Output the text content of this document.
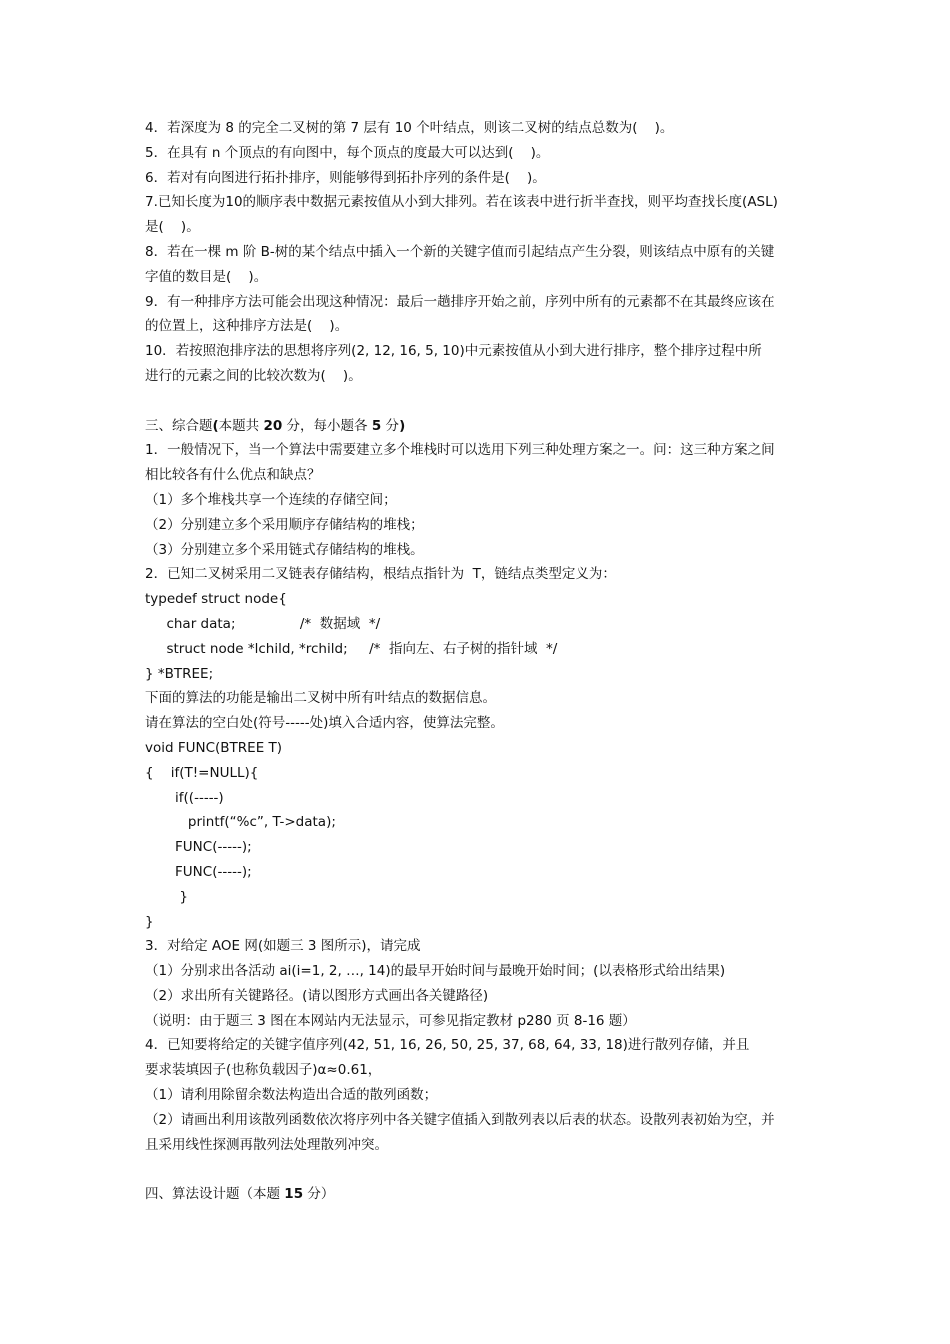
4．若深度为 8 的完全二叉树的第 7 层有 10 个叶结点，则该二叉树的结点总数为(    )。
5．在具有 n 个顶点的有向图中，每个顶点的度最大可以达到(    )。
6．若对有向图进行拓扑排序，则能够得到拓扑序列的条件是(    )。
7.已知长度为10的顺序表中数据元素按值从小到大排列。若在该表中进行折半查找，则平均查找长度(ASL)
是(    )。
8．若在一棵 m 阶 B-树的某个结点中插入一个新的关键字值而引起结点产生分裂，则该结点中原有的关键
字值的数目是(    )。
9．有一种排序方法可能会出现这种情况：最后一趟排序开始之前，序列中所有的元素都不在其最终应该在
的位置上，这种排序方法是(    )。
10．若按照泡排序法的思想将序列(2, 12, 16, 5, 10)中元素按值从小到大进行排序，整个排序过程中所
进行的元素之间的比较次数为(    )。
三、综合题(本题共 20 分，每小题各 5 分)
1．一般情况下，当一个算法中需要建立多个堆栈时可以选用下列三种处理方案之一。问：这三种方案之间
相比较各有什么优点和缺点？
（1）多个堆栈共享一个连续的存储空间；
（2）分别建立多个采用顺序存储结构的堆栈；
（3）分别建立多个采用链式存储结构的堆栈。
2．已知二叉树采用二叉链表存储结构，根结点指针为  T，链结点类型定义为：
typedef struct node{
char data;               /*  数据域  */
struct node *lchild, *rchild;     /*  指向左、右子树的指针域  */
} *BTREE;
下面的算法的功能是输出二叉树中所有叶结点的数据信息。
请在算法的空白处(符号-----处)填入合适内容，使算法完整。
void FUNC(BTREE T)
{    if(T!=NULL){
if((-----)
printf(“%c”, T->data);
FUNC(-----);
FUNC(-----);
}
}
3．对给定 AOE 网(如题三 3 图所示)，请完成
（1）分别求出各活动 ai(i=1, 2, …, 14)的最早开始时间与最晚开始时间；(以表格形式给出结果)
（2）求出所有关键路径。(请以图形方式画出各关键路径)
（说明：由于题三 3 图在本网站内无法显示，可参见指定教材 p280 页 8-16 题）
4．已知要将给定的关键字值序列(42, 51, 16, 26, 50, 25, 37, 68, 64, 33, 18)进行散列存储，并且
要求装填因子(也称负载因子)α≈0.61，
（1）请利用除留余数法构造出合适的散列函数；
（2）请画出利用该散列函数依次将序列中各关键字值插入到散列表以后表的状态。设散列表初始为空，并
且采用线性探测再散列法处理散列冲突。
四、算法设计题（本题 15 分）
